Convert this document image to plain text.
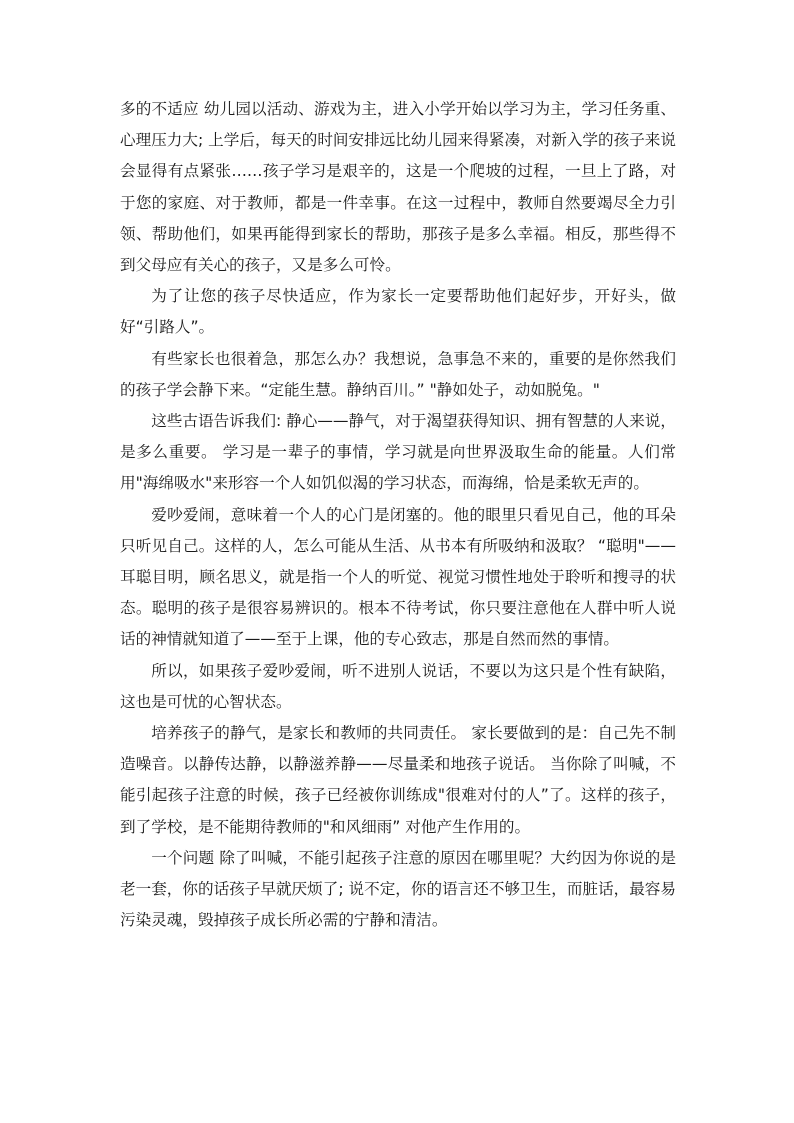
多的不适应 幼儿园以活动、游戏为主，进入小学开始以学习为主，学习任务重、心理压力大; 上学后，每天的时间安排远比幼儿园来得紧凑，对新入学的孩子来说会显得有点紧张……孩子学习是艰辛的，这是一个爬坡的过程，一旦上了路，对于您的家庭、对于教师，都是一件幸事。在这一过程中，教师自然要竭尽全力引领、帮助他们，如果再能得到家长的帮助，那孩子是多么幸福。相反，那些得不到父母应有关心的孩子，又是多么可怜。

为了让您的孩子尽快适应，作为家长一定要帮助他们起好步，开好头，做好“引路人”。

有些家长也很着急，那怎么办？我想说，急事急不来的，重要的是你然我们的孩子学会静下来。“定能生慧。静纳百川。” "静如处子，动如脱兔。"

这些古语告诉我们: 静心——静气，对于渴望获得知识、拥有智慧的人来说，是多么重要。 学习是一辈子的事情，学习就是向世界汲取生命的能量。人们常用"海绵吸水"来形容一个人如饥似渴的学习状态，而海绵，恰是柔软无声的。

爱吵爱闹，意味着一个人的心门是闭塞的。他的眼里只看见自己，他的耳朵只听见自己。这样的人，怎么可能从生活、从书本有所吸纳和汲取？ “聪明"——耳聪目明，顾名思义，就是指一个人的听觉、视觉习惯性地处于聆听和搜寻的状态。聪明的孩子是很容易辨识的。根本不待考试，你只要注意他在人群中听人说话的神情就知道了——至于上课，他的专心致志，那是自然而然的事情。

所以，如果孩子爱吵爱闹，听不进别人说话，不要以为这只是个性有缺陷，这也是可忧的心智状态。

培养孩子的静气，是家长和教师的共同责任。 家长要做到的是：自己先不制造噪音。以静传达静，以静滋养静——尽量柔和地孩子说话。 当你除了叫喊，不能引起孩子注意的时候，孩子已经被你训练成"很难对付的人”了。这样的孩子，到了学校，是不能期待教师的"和风细雨” 对他产生作用的。

一个问题 除了叫喊，不能引起孩子注意的原因在哪里呢？大约因为你说的是老一套，你的话孩子早就厌烦了; 说不定，你的语言还不够卫生，而脏话，最容易污染灵魂，毁掉孩子成长所必需的宁静和清洁。
